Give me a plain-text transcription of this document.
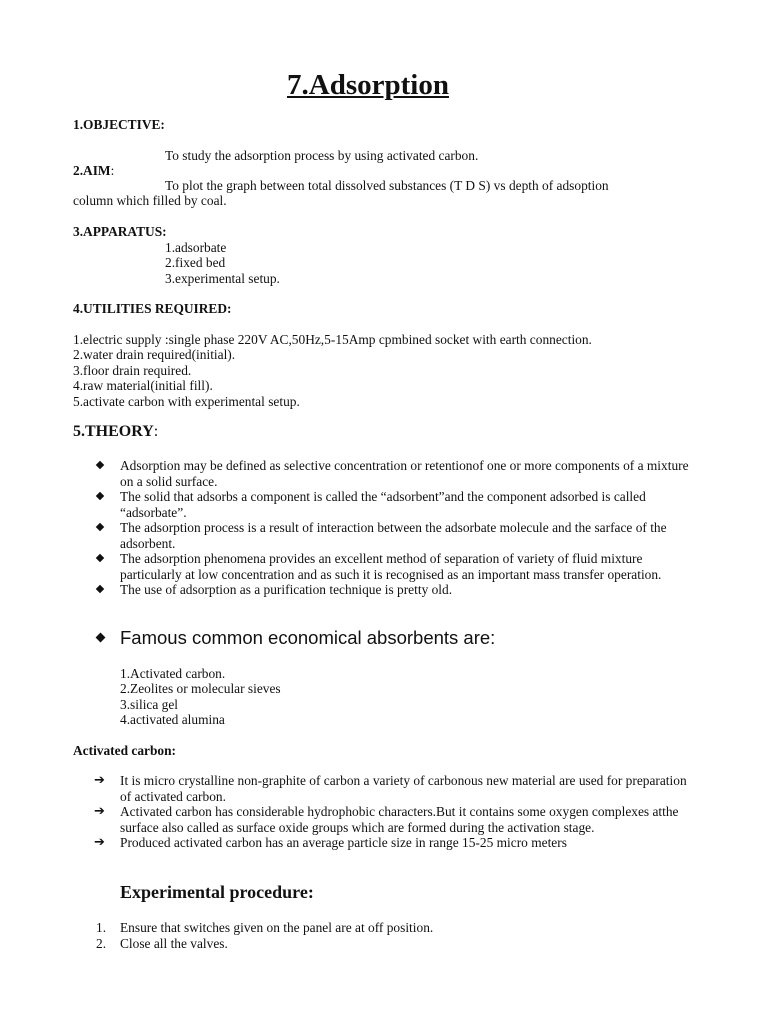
7.Adsorption
1.OBJECTIVE:
To study the adsorption process by using activated carbon.
2.AIM:
To plot the graph between total dissolved substances (T D S) vs depth of adsoption
column which filled by coal.
3.APPARATUS:
1.adsorbate
2.fixed bed
3.experimental setup.
4.UTILITIES REQUIRED:
1.electric supply :single phase 220V AC,50Hz,5-15Amp cpmbined socket with earth connection.
2.water drain required(initial).
3.floor drain required.
4.raw material(initial fill).
5.activate carbon with experimental setup.
5.THEORY:
Adsorption may be defined as selective concentration or retentionof one or more components of a mixture on a solid surface.
The solid that adsorbs a component is called the “adsorbent”and the component adsorbed is called “adsorbate”.
The adsorption process is a result of interaction between the adsorbate molecule and the sarface of the adsorbent.
The adsorption phenomena provides an excellent method of separation of variety of fluid mixture particularly at low concentration and as such it is recognised as an important mass transfer operation.
The use of adsorption as a purification technique is pretty old.
Famous common economical absorbents are:
1.Activated carbon.
2.Zeolites or molecular sieves
3.silica gel
4.activated alumina
Activated carbon:
➔ It is micro crystalline non-graphite of carbon a variety of carbonous new material are used for preparation of activated carbon.
➔ Activated carbon has considerable hydrophobic characters.But it contains some oxygen complexes atthe surface also called as surface oxide groups which are formed during the activation stage.
➔ Produced activated carbon has an average particle size in range 15-25 micro meters
Experimental procedure:
1. Ensure that switches given on the panel are at off position.
2. Close all the valves.
